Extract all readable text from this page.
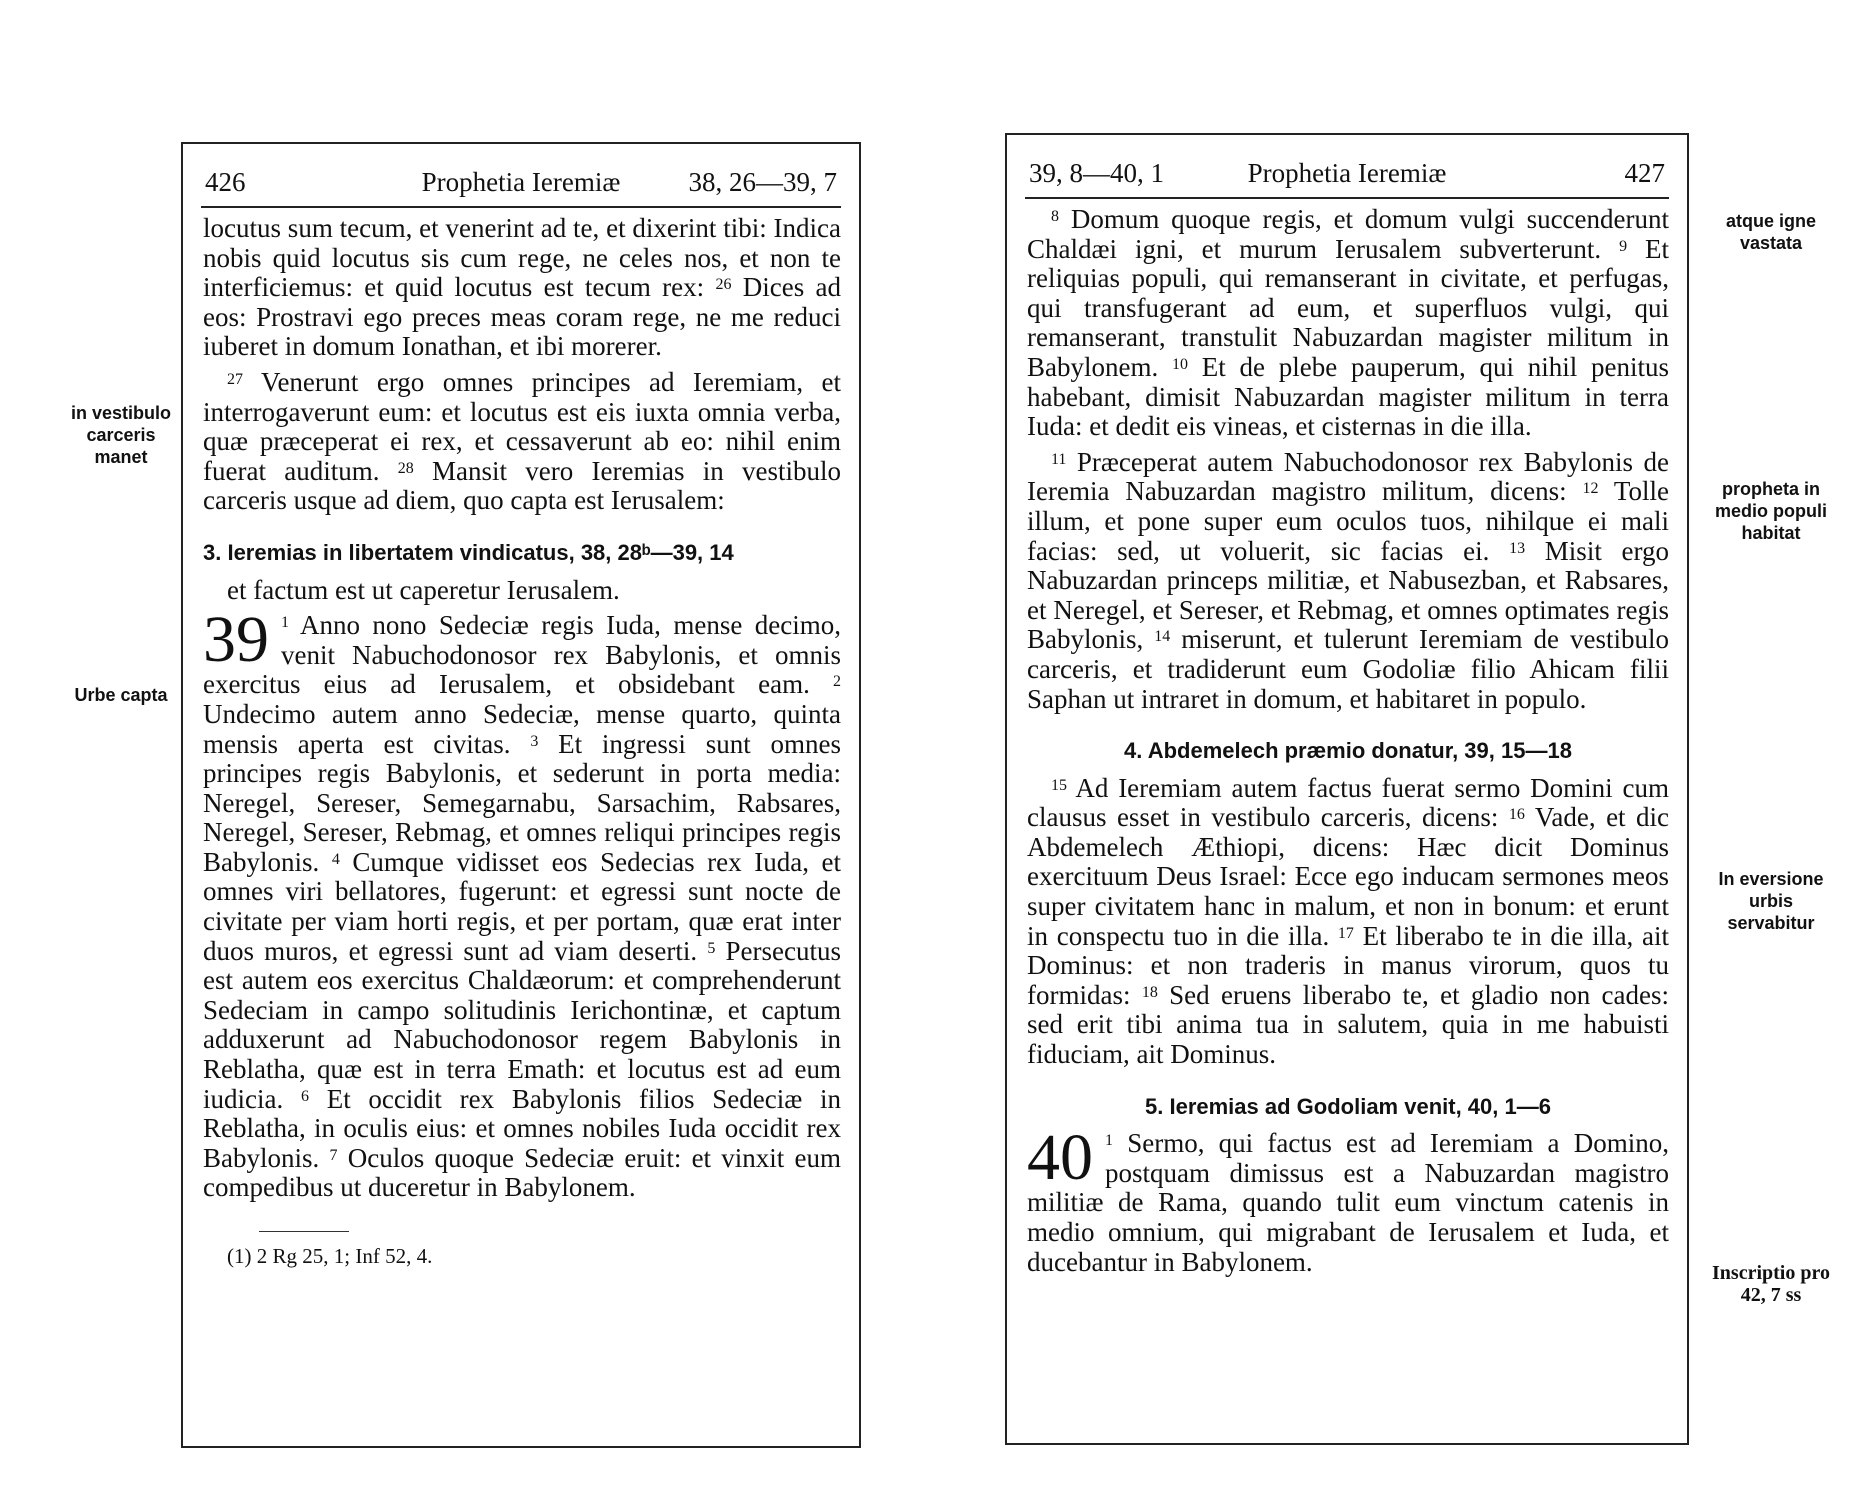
426	Prophetia Ieremiæ	38, 26—39, 7

locutus sum tecum, et venerint ad te, et dixerint tibi: Indica nobis quid locutus sis cum rege, ne celes nos, et non te interficiemus: et quid locutus est tecum rex: $^{26}$ Dices ad eos: Prostravi ego preces meas coram rege, ne me reduci iuberet in domum Ionathan, et ibi morerer.

$^{27}$ Venerunt ergo omnes principes ad Ieremiam, et interrogaverunt eum: et locutus est eis iuxta omnia verba, quæ præceperat ei rex, et cessaverunt ab eo: nihil enim fuerat auditum. $^{28}$ Mansit vero Ieremias in vestibulo carceris usque ad diem, quo capta est Ierusalem:

3. Ieremias in libertatem vindicatus, 38, 28ᵇ—39, 14

et factum est ut caperetur Ierusalem.

39 $^1$ Anno nono Sedeciæ regis Iuda, mense decimo, venit Nabuchodonosor rex Babylonis, et omnis exercitus eius ad Ierusalem, et obsidebant eam. $^2$ Undecimo autem anno Sedeciæ, mense quarto, quinta mensis aperta est civitas. $^3$ Et ingressi sunt omnes principes regis Babylonis, et sederunt in porta media: Neregel, Sereser, Semegarnabu, Sarsachim, Rabsares, Neregel, Sereser, Rebmag, et omnes reliqui principes regis Babylonis. $^4$ Cumque vidisset eos Sedecias rex Iuda, et omnes viri bellatores, fugerunt: et egressi sunt nocte de civitate per viam horti regis, et per portam, quæ erat inter duos muros, et egressi sunt ad viam deserti. $^5$ Persecutus est autem eos exercitus Chaldæorum: et comprehenderunt Sedeciam in campo solitudinis Ierichontinæ, et captum adduxerunt ad Nabuchodonosor regem Babylonis in Reblatha, quæ est in terra Emath: et locutus est ad eum iudicia. $^6$ Et occidit rex Babylonis filios Sedeciæ in Reblatha, in oculis eius: et omnes nobiles Iuda occidit rex Babylonis. $^7$ Oculos quoque Sedeciæ eruit: et vinxit eum compedibus ut duceretur in Babylonem.

(1) 2 Rg 25, 1; Inf 52, 4.
in vestibulo carceris manet
Urbe capta
39, 8—40, 1	Prophetia Ieremiæ	427

$^8$ Domum quoque regis, et domum vulgi succenderunt Chaldæi igni, et murum Ierusalem subverterunt. $^9$ Et reliquias populi, qui remanserant in civitate, et perfugas, qui transfugerant ad eum, et superfluos vulgi, qui remanserant, transtulit Nabuzardan magister militum in Babylonem. $^{10}$ Et de plebe pauperum, qui nihil penitus habebant, dimisit Nabuzardan magister militum in terra Iuda: et dedit eis vineas, et cisternas in die illa.

$^{11}$ Præceperat autem Nabuchodonosor rex Babylonis de Ieremia Nabuzardan magistro militum, dicens: $^{12}$ Tolle illum, et pone super eum oculos tuos, nihilque ei mali facias: sed, ut voluerit, sic facias ei. $^{13}$ Misit ergo Nabuzardan princeps militiæ, et Nabusezban, et Rabsares, et Neregel, et Sereser, et Rebmag, et omnes optimates regis Babylonis, $^{14}$ miserunt, et tulerunt Ieremiam de vestibulo carceris, et tradiderunt eum Godoliæ filio Ahicam filii Saphan ut intraret in domum, et habitaret in populo.

4. Abdemelech præmio donatur, 39, 15—18

$^{15}$ Ad Ieremiam autem factus fuerat sermo Domini cum clausus esset in vestibulo carceris, dicens: $^{16}$ Vade, et dic Abdemelech Æthiopi, dicens: Hæc dicit Dominus exercituum Deus Israel: Ecce ego inducam sermones meos super civitatem hanc in malum, et non in bonum: et erunt in conspectu tuo in die illa. $^{17}$ Et liberabo te in die illa, ait Dominus: et non traderis in manus virorum, quos tu formidas: $^{18}$ Sed eruens liberabo te, et gladio non cades: sed erit tibi anima tua in salutem, quia in me habuisti fiduciam, ait Dominus.

5. Ieremias ad Godoliam venit, 40, 1—6

40 $^1$ Sermo, qui factus est ad Ieremiam a Domino, postquam dimissus est a Nabuzardan magistro militiæ de Rama, quando tulit eum vinctum catenis in medio omnium, qui migrabant de Ierusalem et Iuda, et ducebantur in Babylonem.

atque igne vastata
propheta in medio populi habitat
In eversione urbis servabitur
Inscriptio pro 42, 7 ss
